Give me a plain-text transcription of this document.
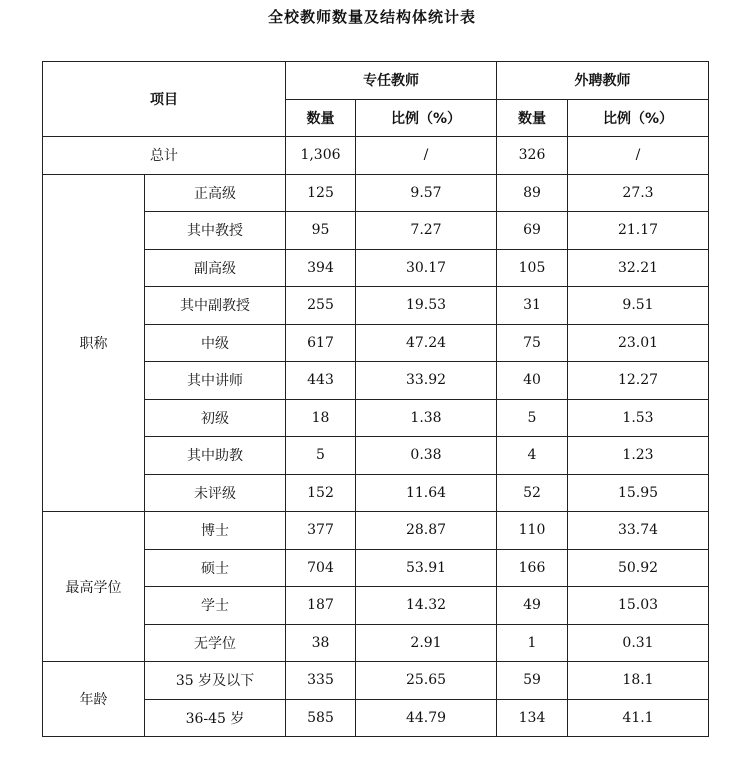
全校教师数量及结构体统计表
项目		专任教师		外聘教师	
		数量	比例（%）	数量	比例（%）
总计		1,306	/	326	/
职称	正高级	125	9.57	89	27.3
	其中教授	95	7.27	69	21.17
	副高级	394	30.17	105	32.21
	其中副教授	255	19.53	31	9.51
	中级	617	47.24	75	23.01
	其中讲师	443	33.92	40	12.27
	初级	18	1.38	5	1.53
	其中助教	5	0.38	4	1.23
	未评级	152	11.64	52	15.95
最高学位	博士	377	28.87	110	33.74
	硕士	704	53.91	166	50.92
	学士	187	14.32	49	15.03
	无学位	38	2.91	1	0.31
年龄	35 岁及以下	335	25.65	59	18.1
	36-45 岁	585	44.79	134	41.1
